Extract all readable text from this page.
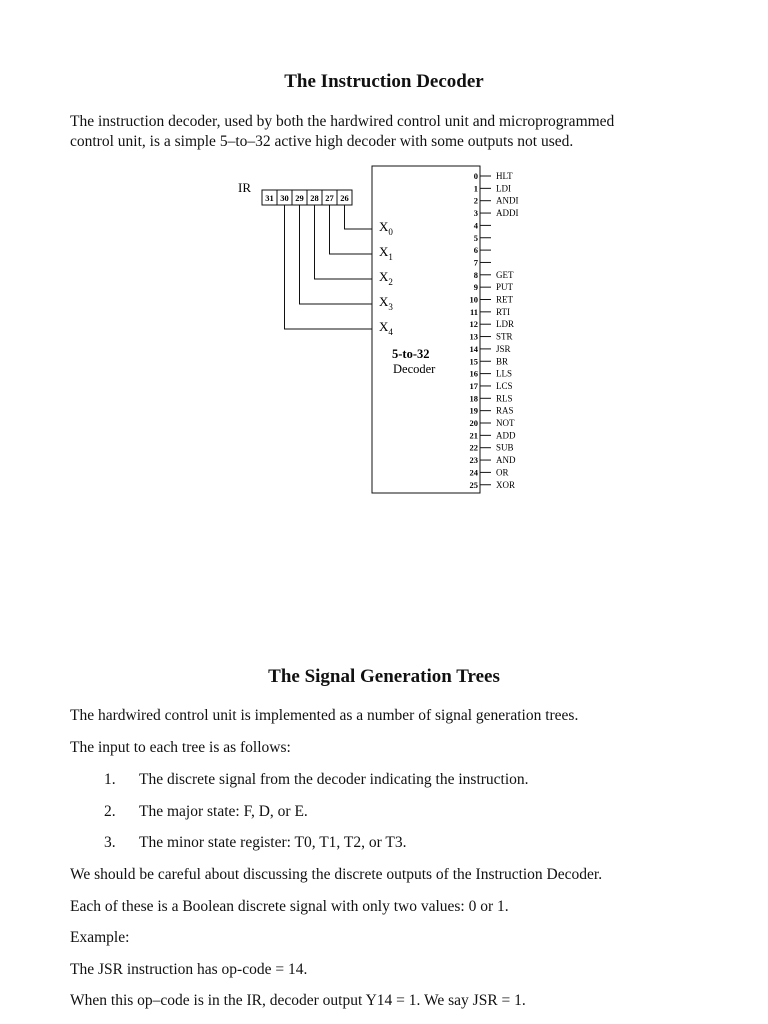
The Instruction Decoder
The instruction decoder, used by both the hardwired control unit and microprogrammed
control unit, is a simple 5–to–32 active high decoder with some outputs not used.
IR
31 30 29 28 27 26
$X_0$
$X_1$
$X_2$
$X_3$
$X_4$
5-to-32
Decoder
0 HLT
1 LDI
2 ANDI
3 ADDI
4
5
6
7
8 GET
9 PUT
10 RET
11 RTI
12 LDR
13 STR
14 JSR
15 BR
16 LLS
17 LCS
18 RLS
19 RAS
20 NOT
21 ADD
22 SUB
23 AND
24 OR
25 XOR
The Signal Generation Trees
The hardwired control unit is implemented as a number of signal generation trees.
The input to each tree is as follows:
1. The discrete signal from the decoder indicating the instruction.
2. The major state: F, D, or E.
3. The minor state register: T0, T1, T2, or T3.
We should be careful about discussing the discrete outputs of the Instruction Decoder.
Each of these is a Boolean discrete signal with only two values: 0 or 1.
Example:
The JSR instruction has op-code = 14.
When this op–code is in the IR, decoder output Y14 = 1. We say JSR = 1.
